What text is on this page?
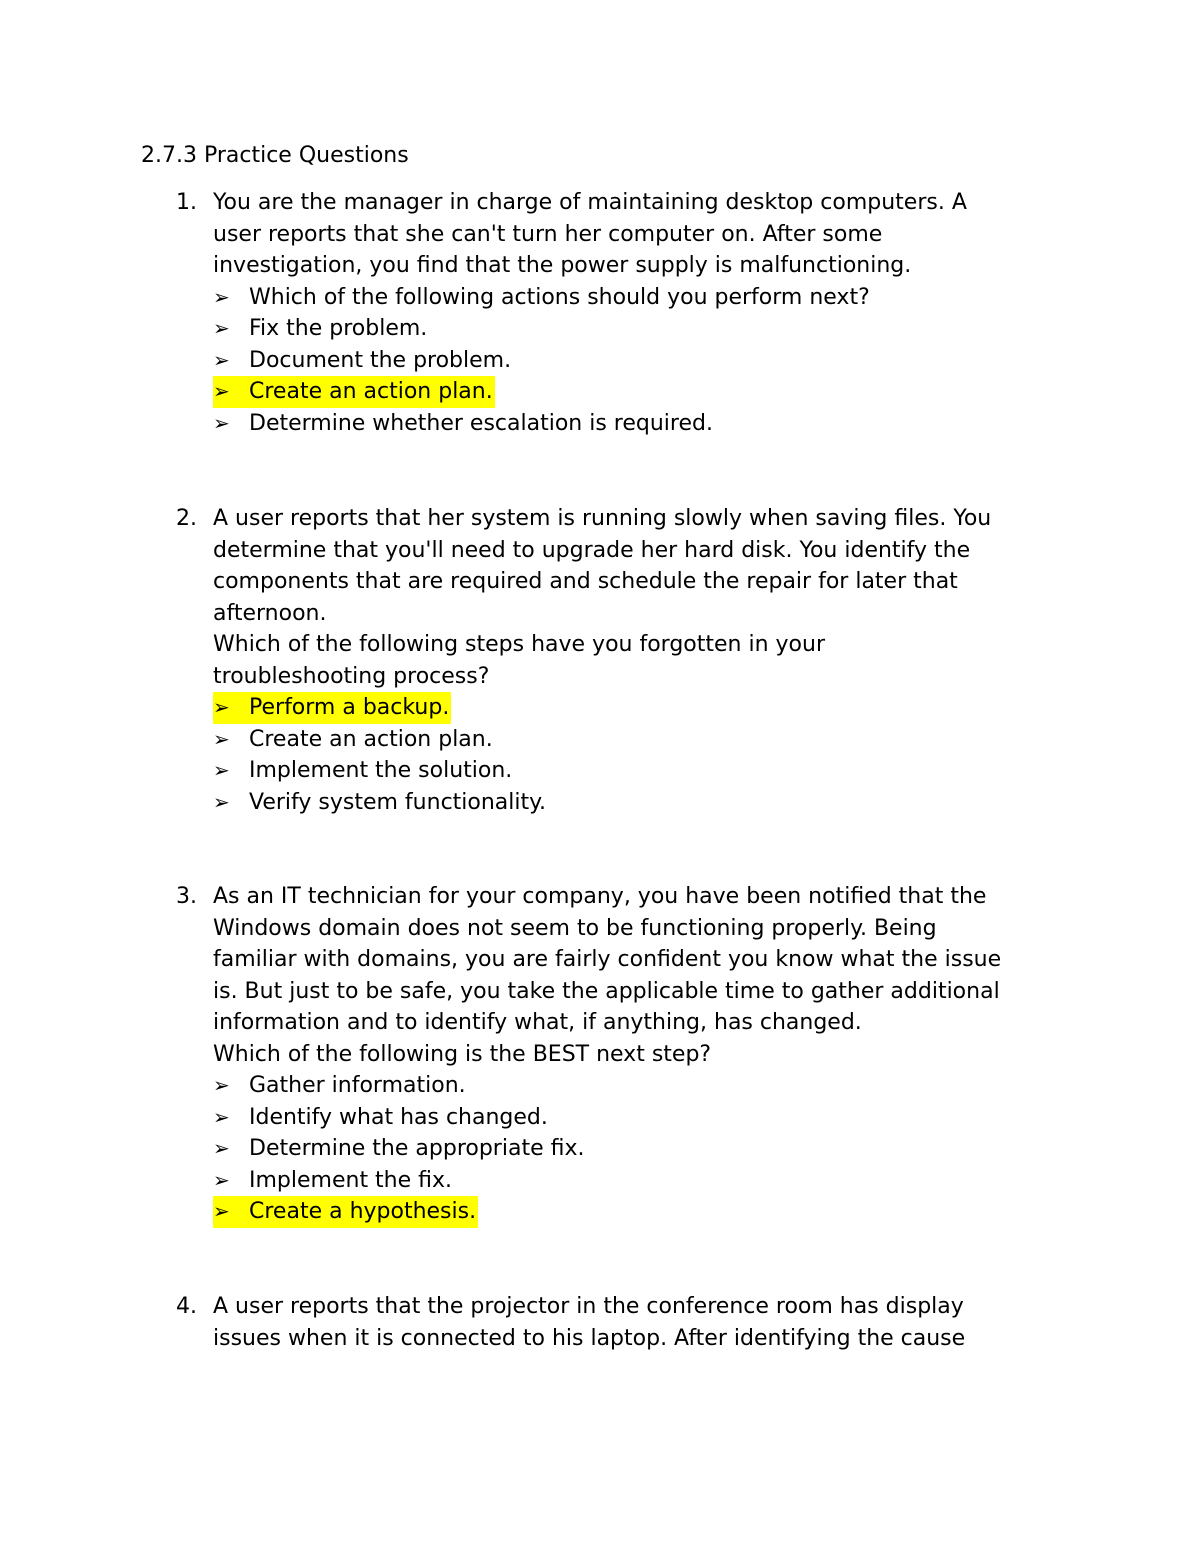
2.7.3 Practice Questions
1. You are the manager in charge of maintaining desktop computers. A
user reports that she can't turn her computer on. After some
investigation, you find that the power supply is malfunctioning.
➢ Which of the following actions should you perform next?
➢ Fix the problem.
➢ Document the problem.
➢ Create an action plan.
➢ Determine whether escalation is required.
2. A user reports that her system is running slowly when saving files. You
determine that you'll need to upgrade her hard disk. You identify the
components that are required and schedule the repair for later that
afternoon.
Which of the following steps have you forgotten in your
troubleshooting process?
➢ Perform a backup.
➢ Create an action plan.
➢ Implement the solution.
➢ Verify system functionality.
3. As an IT technician for your company, you have been notified that the
Windows domain does not seem to be functioning properly. Being
familiar with domains, you are fairly confident you know what the issue
is. But just to be safe, you take the applicable time to gather additional
information and to identify what, if anything, has changed.
Which of the following is the BEST next step?
➢ Gather information.
➢ Identify what has changed.
➢ Determine the appropriate fix.
➢ Implement the fix.
➢ Create a hypothesis.
4. A user reports that the projector in the conference room has display
issues when it is connected to his laptop. After identifying the cause
